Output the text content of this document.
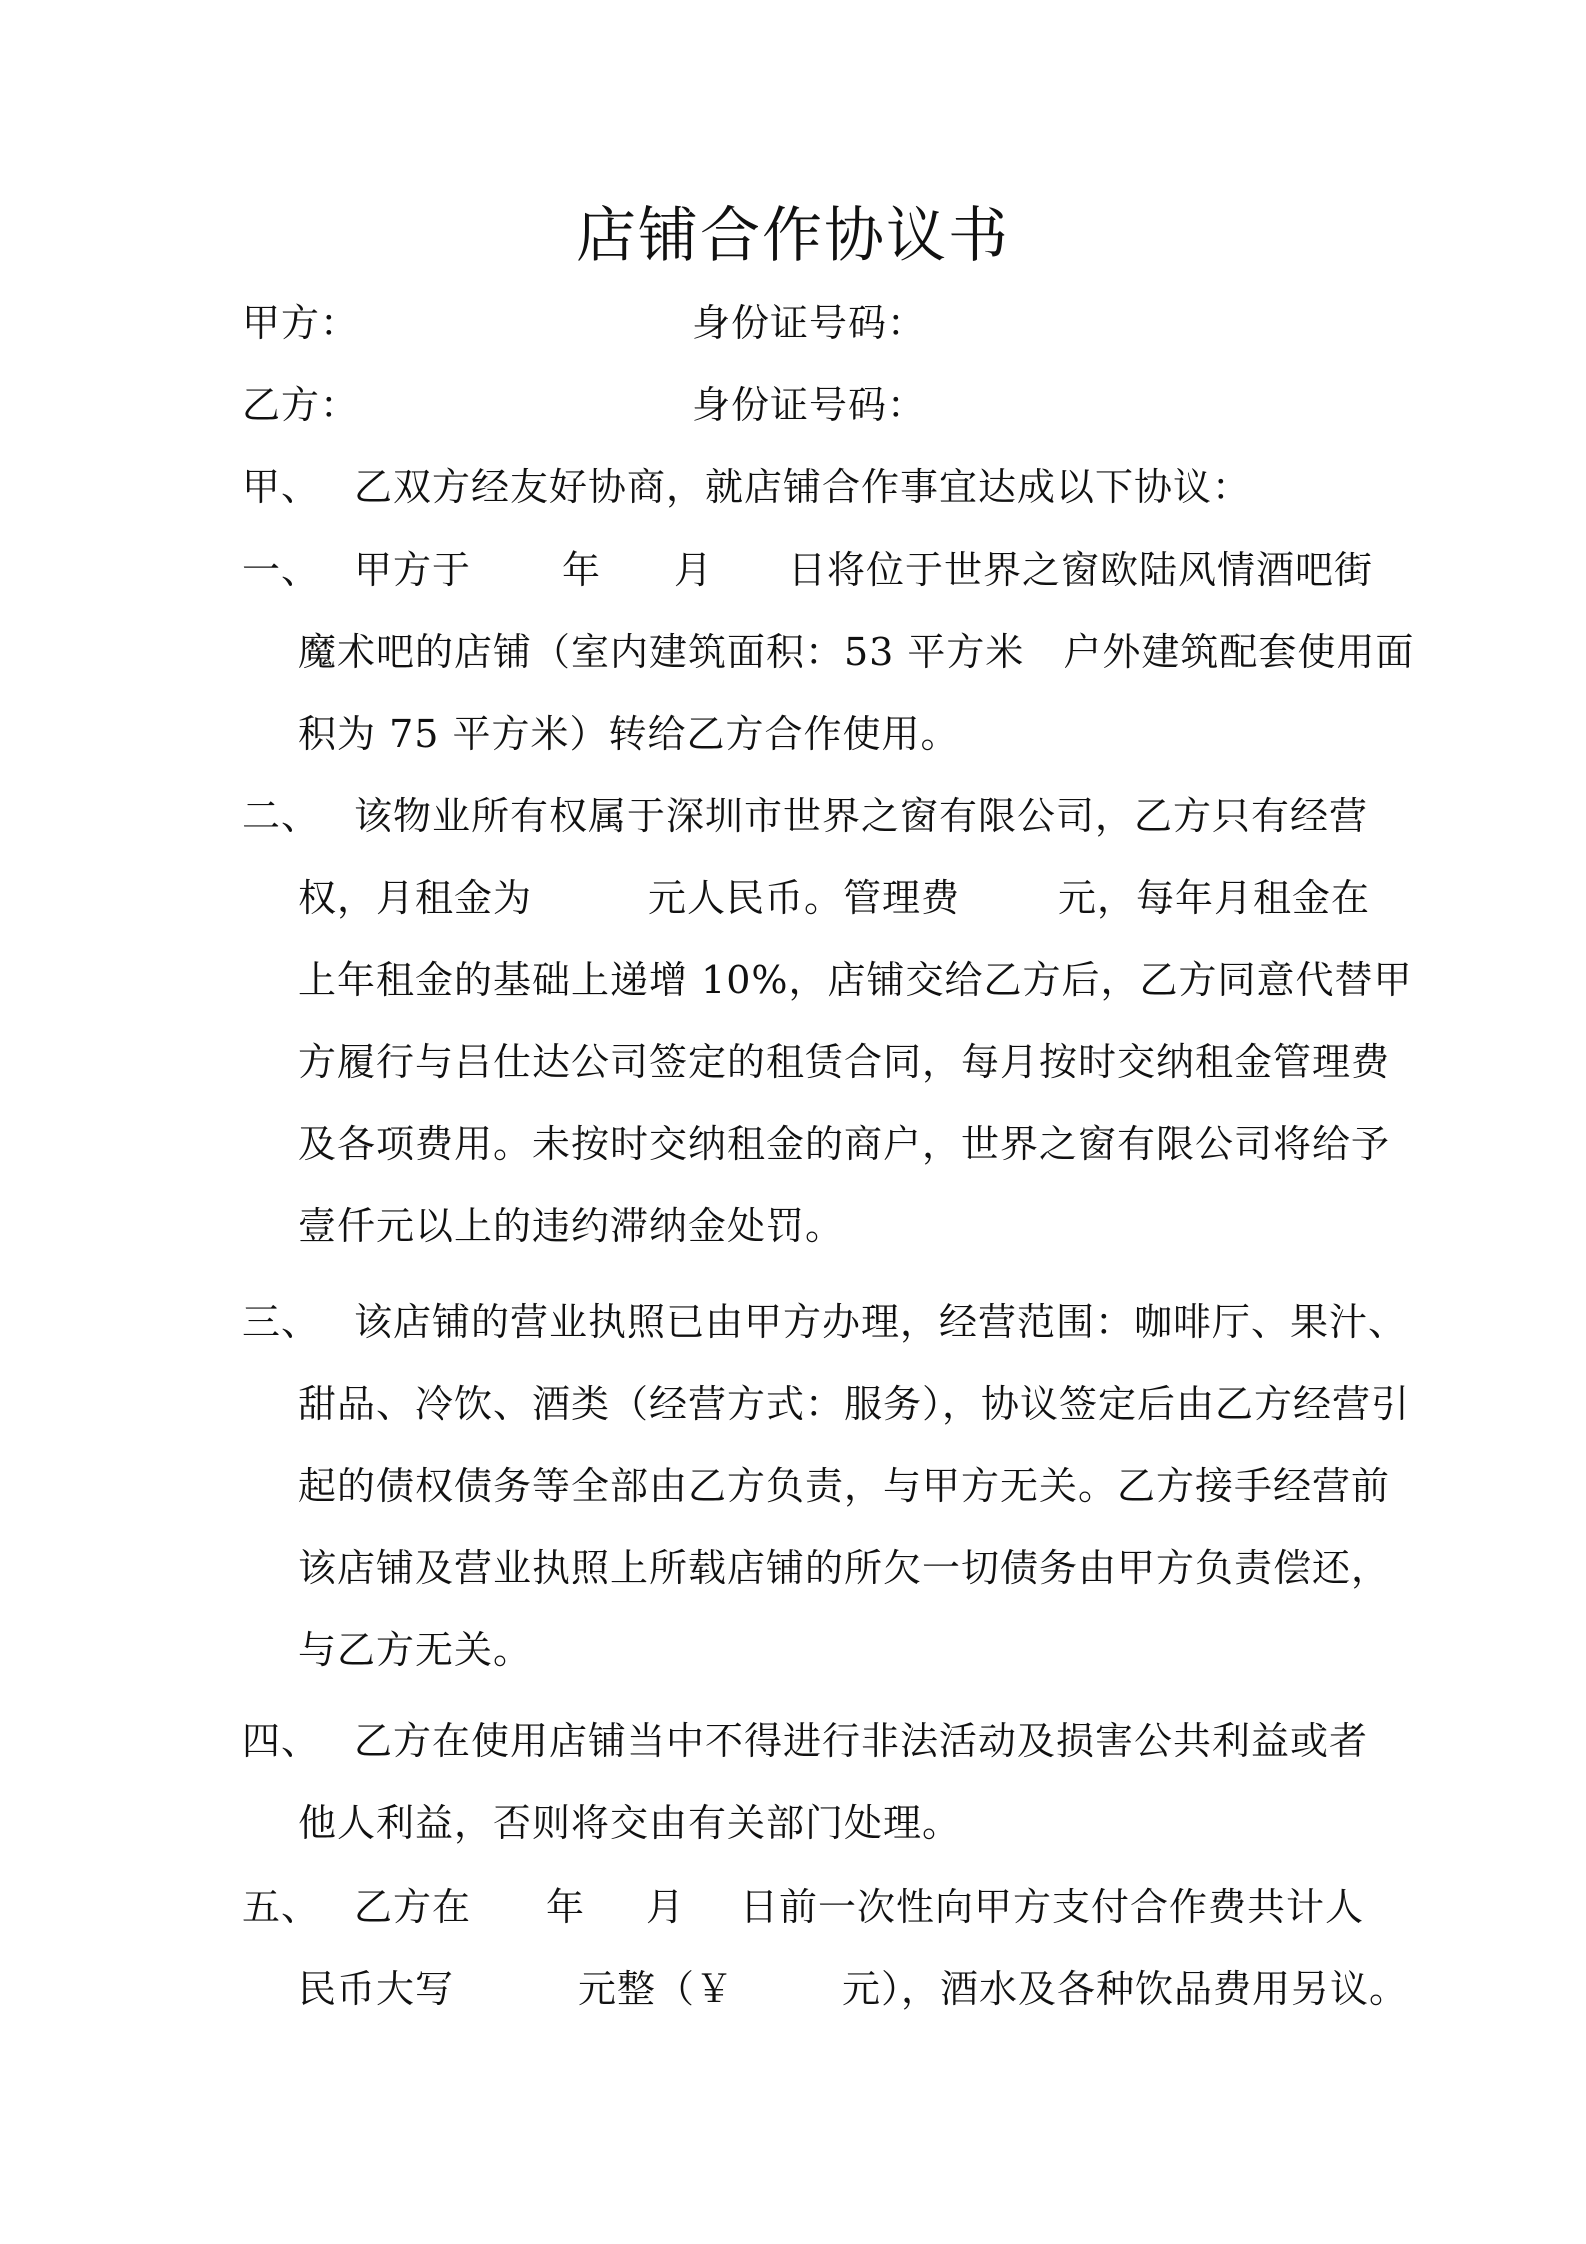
店铺合作协议书
甲方：	身份证号码：
乙方：	身份证号码：
甲、 乙双方经友好协商，就店铺合作事宜达成以下协议：
一、 甲方于 年 月 日将位于世界之窗欧陆风情酒吧街
魔术吧的店铺（室内建筑面积：53 平方米　户外建筑配套使用面
积为 75 平方米）转给乙方合作使用。
二、 该物业所有权属于深圳市世界之窗有限公司，乙方只有经营
权，月租金为	元人民币。管理费	元，每年月租金在
上年租金的基础上递增 10%，店铺交给乙方后，乙方同意代替甲
方履行与吕仕达公司签定的租赁合同，每月按时交纳租金管理费
及各项费用。未按时交纳租金的商户，世界之窗有限公司将给予
壹仟元以上的违约滞纳金处罚。
三、 该店铺的营业执照已由甲方办理，经营范围：咖啡厅、果汁、
甜品、冷饮、酒类（经营方式：服务），协议签定后由乙方经营引
起的债权债务等全部由乙方负责，与甲方无关。乙方接手经营前
该店铺及营业执照上所载店铺的所欠一切债务由甲方负责偿还，
与乙方无关。
四、 乙方在使用店铺当中不得进行非法活动及损害公共利益或者
他人利益，否则将交由有关部门处理。
五、 乙方在 年 月 日前一次性向甲方支付合作费共计人
民币大写	元整（￥	元），酒水及各种饮品费用另议。
